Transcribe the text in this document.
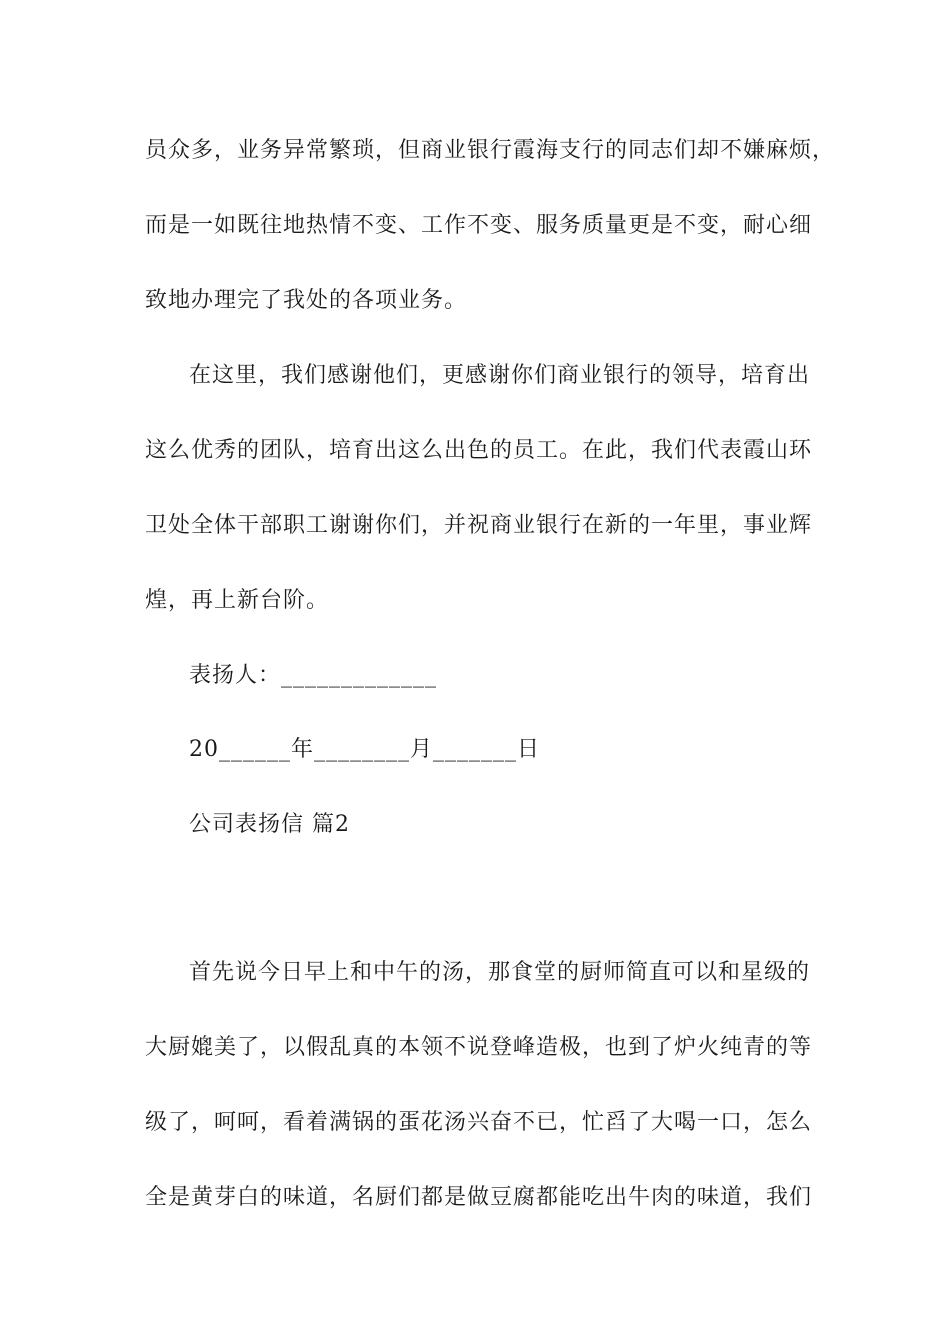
员众多，业务异常繁琐，但商业银行霞海支行的同志们却不嫌麻烦，
而是一如既往地热情不变、工作不变、服务质量更是不变，耐心细
致地办理完了我处的各项业务。
在这里，我们感谢他们，更感谢你们商业银行的领导，培育出
这么优秀的团队，培育出这么出色的员工。在此，我们代表霞山环
卫处全体干部职工谢谢你们，并祝商业银行在新的一年里，事业辉
煌，再上新台阶。
表扬人：_____________
20______年________月_______日
公司表扬信 篇2
首先说今日早上和中午的汤，那食堂的厨师简直可以和星级的
大厨媲美了，以假乱真的本领不说登峰造极，也到了炉火纯青的等
级了，呵呵，看着满锅的蛋花汤兴奋不已，忙舀了大喝一口，怎么
全是黄芽白的味道，名厨们都是做豆腐都能吃出牛肉的味道，我们
